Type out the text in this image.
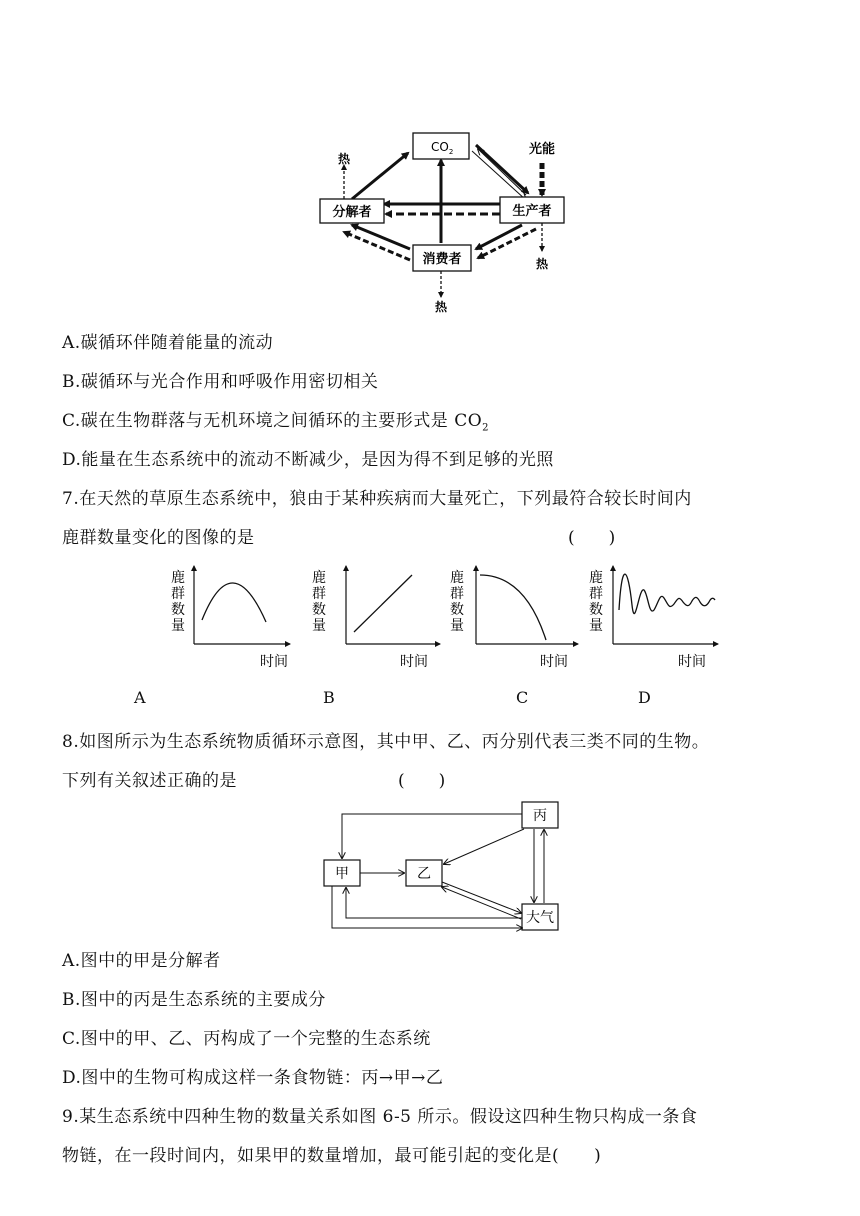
$CO_2$
分解者	生产者
消费者
光能
热
热
热
A.碳循环伴随着能量的流动
B.碳循环与光合作用和呼吸作用密切相关
C.碳在生物群落与无机环境之间循环的主要形式是 $CO_2$
D.能量在生态系统中的流动不断减少，是因为得不到足够的光照
7.在天然的草原生态系统中，狼由于某种疾病而大量死亡，下列最符合较长时间内
鹿群数量变化的图像的是	(　　)
鹿
群
数
量
时间
鹿
群
数
量
时间
鹿
群
数
量
时间
鹿
群
数
量
时间
A	B	C	D
8.如图所示为生态系统物质循环示意图，其中甲、乙、丙分别代表三类不同的生物。
下列有关叙述正确的是	(　　)
丙
甲	乙
大气
A.图中的甲是分解者
B.图中的丙是生态系统的主要成分
C.图中的甲、乙、丙构成了一个完整的生态系统
D.图中的生物可构成这样一条食物链：丙→甲→乙
9.某生态系统中四种生物的数量关系如图 6-5 所示。假设这四种生物只构成一条食
物链，在一段时间内，如果甲的数量增加，最可能引起的变化是(　　)
